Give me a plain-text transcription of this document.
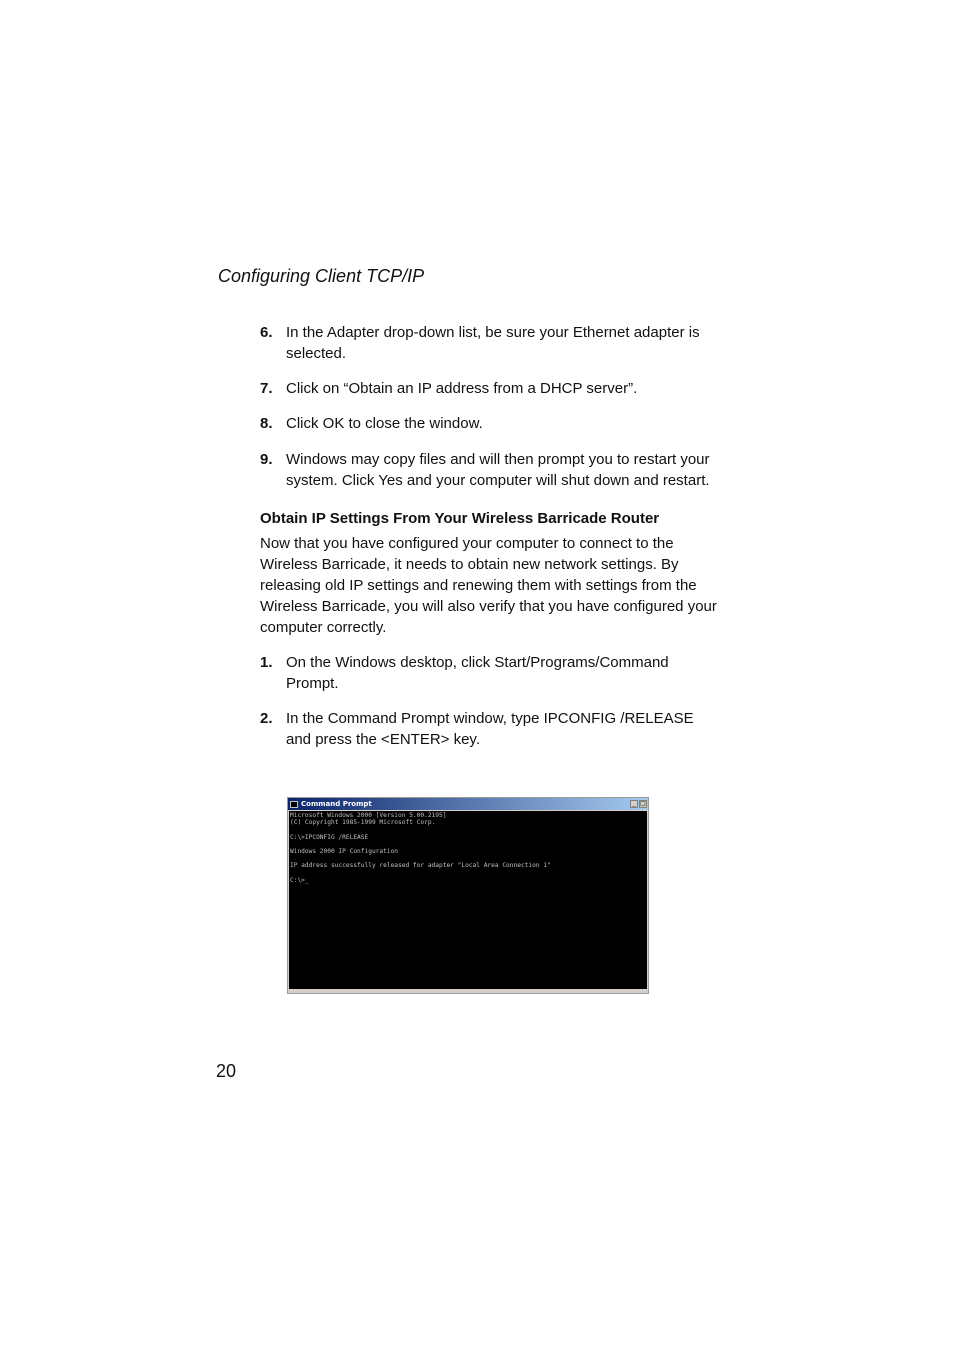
Configuring Client TCP/IP
6. In the Adapter drop-down list, be sure your Ethernet adapter is selected.
7. Click on “Obtain an IP address from a DHCP server”.
8. Click OK to close the window.
9. Windows may copy files and will then prompt you to restart your system. Click Yes and your computer will shut down and restart.
Obtain IP Settings From Your Wireless Barricade Router
Now that you have configured your computer to connect to the Wireless Barricade, it needs to obtain new network settings. By releasing old IP settings and renewing them with settings from the Wireless Barricade, you will also verify that you have configured your computer correctly.
1. On the Windows desktop, click Start/Programs/Command Prompt.
2. In the Command Prompt window, type IPCONFIG /RELEASE and press the <ENTER> key.
Command Prompt	_ □
Microsoft Windows 2000 [Version 5.00.2195]
(C) Copyright 1985-1999 Microsoft Corp.
C:\>IPCONFIG /RELEASE
Windows 2000 IP Configuration
IP address successfully released for adapter "Local Area Connection 1"
C:\>_
20
